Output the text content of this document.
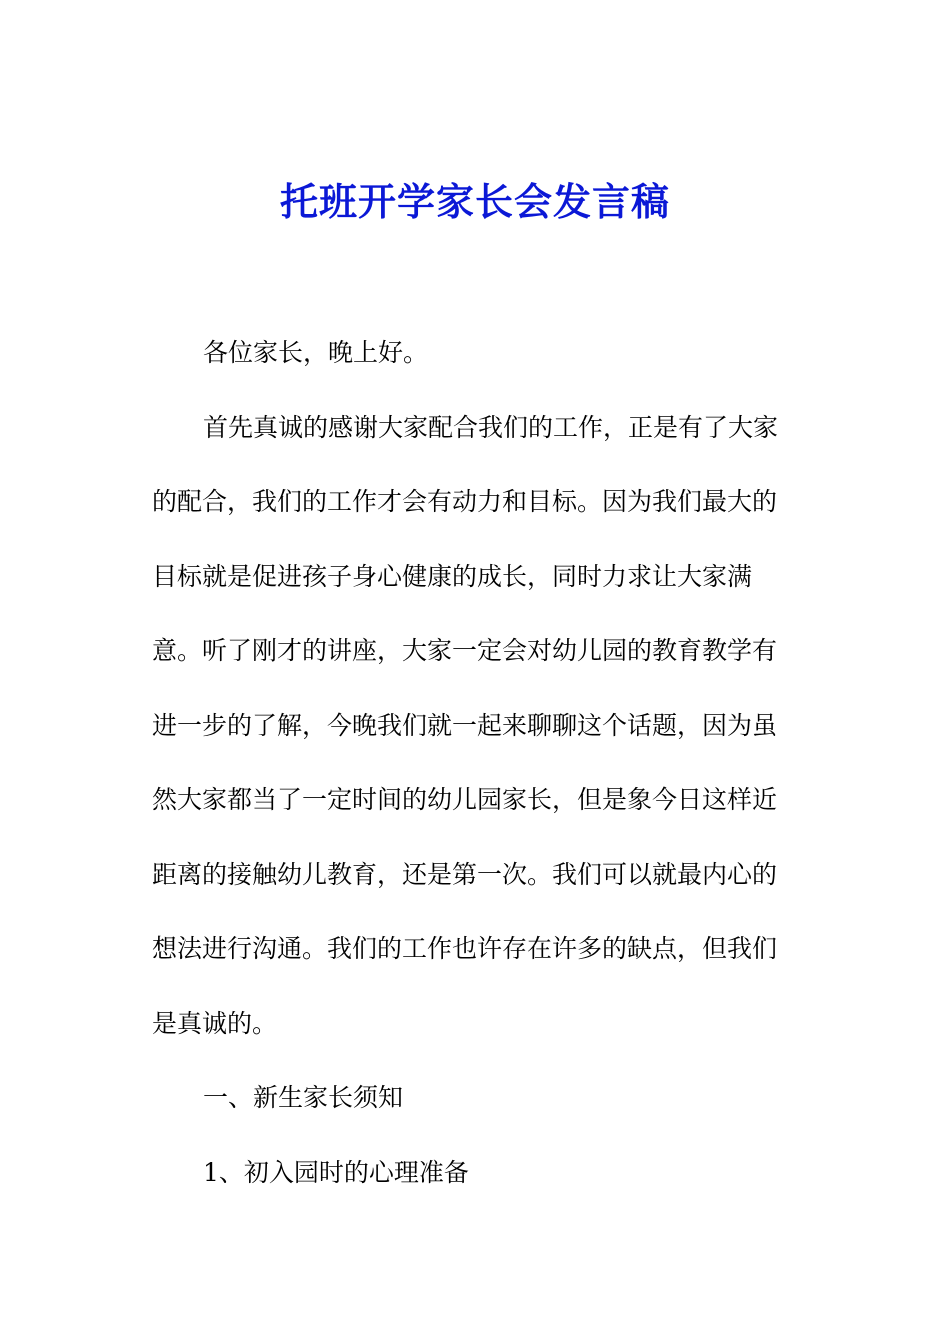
托班开学家长会发言稿
各位家长，晚上好。
首先真诚的感谢大家配合我们的工作，正是有了大家
的配合，我们的工作才会有动力和目标。因为我们最大的
目标就是促进孩子身心健康的成长，同时力求让大家满
意。听了刚才的讲座，大家一定会对幼儿园的教育教学有
进一步的了解，今晚我们就一起来聊聊这个话题，因为虽
然大家都当了一定时间的幼儿园家长，但是象今日这样近
距离的接触幼儿教育，还是第一次。我们可以就最内心的
想法进行沟通。我们的工作也许存在许多的缺点，但我们
是真诚的。
一、新生家长须知
1、初入园时的心理准备
